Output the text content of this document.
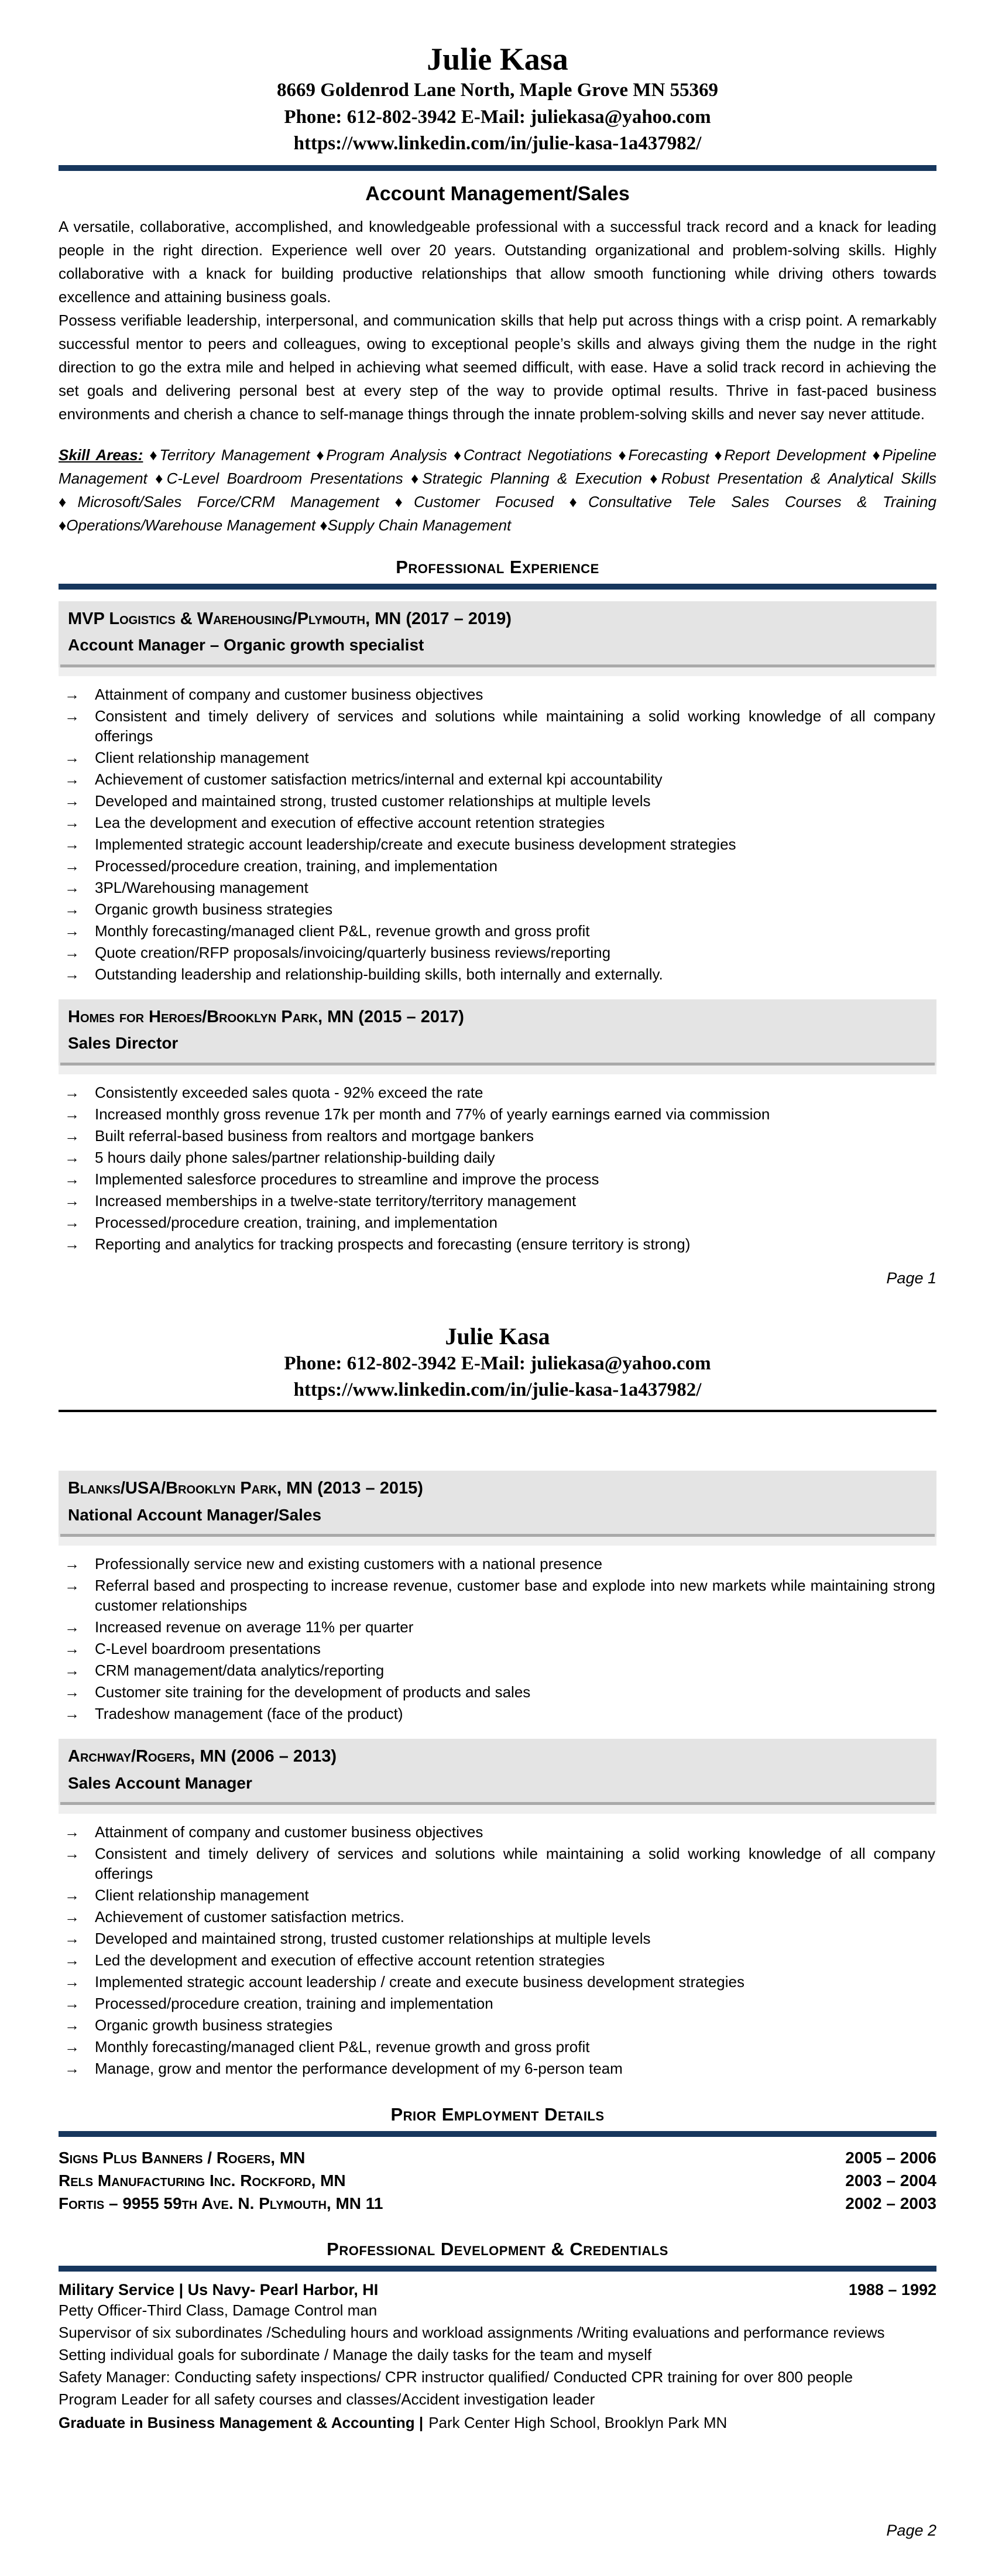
Julie Kasa
8669 Goldenrod Lane North, Maple Grove MN 55369
Phone: 612-802-3942 E-Mail: juliekasa@yahoo.com
https://www.linkedin.com/in/julie-kasa-1a437982/
Account Management/Sales

A versatile, collaborative, accomplished, and knowledgeable professional with a successful track record and a knack for leading people in the right direction. Experience well over 20 years. Outstanding organizational and problem-solving skills. Highly collaborative with a knack for building productive relationships that allow smooth functioning while driving others towards excellence and attaining business goals.

Possess verifiable leadership, interpersonal, and communication skills that help put across things with a crisp point. A remarkably successful mentor to peers and colleagues, owing to exceptional people’s skills and always giving them the nudge in the right direction to go the extra mile and helped in achieving what seemed difficult, with ease. Have a solid track record in achieving the set goals and delivering personal best at every step of the way to provide optimal results. Thrive in fast-paced business environments and cherish a chance to self-manage things through the innate problem-solving skills and never say never attitude.

Skill Areas: ♦Territory Management ♦Program Analysis ♦Contract Negotiations ♦Forecasting ♦Report Development ♦Pipeline Management ♦C-Level Boardroom Presentations ♦Strategic Planning & Execution ♦Robust Presentation & Analytical Skills ♦Microsoft/Sales Force/CRM Management ♦Customer Focused ♦Consultative Tele Sales Courses & Training ♦Operations/Warehouse Management ♦Supply Chain Management

Professional Experience
MVP Logistics & Warehousing/Plymouth, MN (2017 – 2019)
Account Manager – Organic growth specialist
→	Attainment of company and customer business objectives
→	Consistent and timely delivery of services and solutions while maintaining a solid working knowledge of all company offerings
→	Client relationship management
→	Achievement of customer satisfaction metrics/internal and external kpi accountability
→	Developed and maintained strong, trusted customer relationships at multiple levels
→	Lea the development and execution of effective account retention strategies
→	Implemented strategic account leadership/create and execute business development strategies
→	Processed/procedure creation, training, and implementation
→	3PL/Warehousing management
→	Organic growth business strategies
→	Monthly forecasting/managed client P&L, revenue growth and gross profit
→	Quote creation/RFP proposals/invoicing/quarterly business reviews/reporting
→	Outstanding leadership and relationship-building skills, both internally and externally.
Homes for Heroes/Brooklyn Park, MN (2015 – 2017)
Sales Director
→	Consistently exceeded sales quota - 92% exceed the rate
→	Increased monthly gross revenue 17k per month and 77% of yearly earnings earned via commission
→	Built referral-based business from realtors and mortgage bankers
→	5 hours daily phone sales/partner relationship-building daily
→	Implemented salesforce procedures to streamline and improve the process
→	Increased memberships in a twelve-state territory/territory management
→	Processed/procedure creation, training, and implementation
→	Reporting and analytics for tracking prospects and forecasting (ensure territory is strong)
Page 1
Julie Kasa
Phone: 612-802-3942 E-Mail: juliekasa@yahoo.com
https://www.linkedin.com/in/julie-kasa-1a437982/
Blanks/USA/Brooklyn Park, MN (2013 – 2015)
National Account Manager/Sales
→	Professionally service new and existing customers with a national presence
→	Referral based and prospecting to increase revenue, customer base and explode into new markets while maintaining strong customer relationships
→	Increased revenue on average 11% per quarter
→	C-Level boardroom presentations
→	CRM management/data analytics/reporting
→	Customer site training for the development of products and sales
→	Tradeshow management (face of the product)
Archway/Rogers, MN (2006 – 2013)
Sales Account Manager
→	Attainment of company and customer business objectives
→	Consistent and timely delivery of services and solutions while maintaining a solid working knowledge of all company offerings
→	Client relationship management
→	Achievement of customer satisfaction metrics.
→	Developed and maintained strong, trusted customer relationships at multiple levels
→	Led the development and execution of effective account retention strategies
→	Implemented strategic account leadership / create and execute business development strategies
→	Processed/procedure creation, training and implementation
→	Organic growth business strategies
→	Monthly forecasting/managed client P&L, revenue growth and gross profit
→	Manage, grow and mentor the performance development of my 6-person team
Prior Employment Details
Signs Plus Banners / Rogers, MN	2005 – 2006
Rels Manufacturing Inc. Rockford, MN	2003 – 2004
Fortis – 9955 59th Ave. N. Plymouth, MN 11	2002 – 2003
Professional Development & Credentials
Military Service | Us Navy- Pearl Harbor, HI	1988 – 1992
Petty Officer-Third Class, Damage Control man
Supervisor of six subordinates /Scheduling hours and workload assignments /Writing evaluations and performance reviews
Setting individual goals for subordinate / Manage the daily tasks for the team and myself
Safety Manager: Conducting safety inspections/ CPR instructor qualified/ Conducted CPR training for over 800 people
Program Leader for all safety courses and classes/Accident investigation leader
Graduate in Business Management & Accounting | Park Center High School, Brooklyn Park MN
Page 2
